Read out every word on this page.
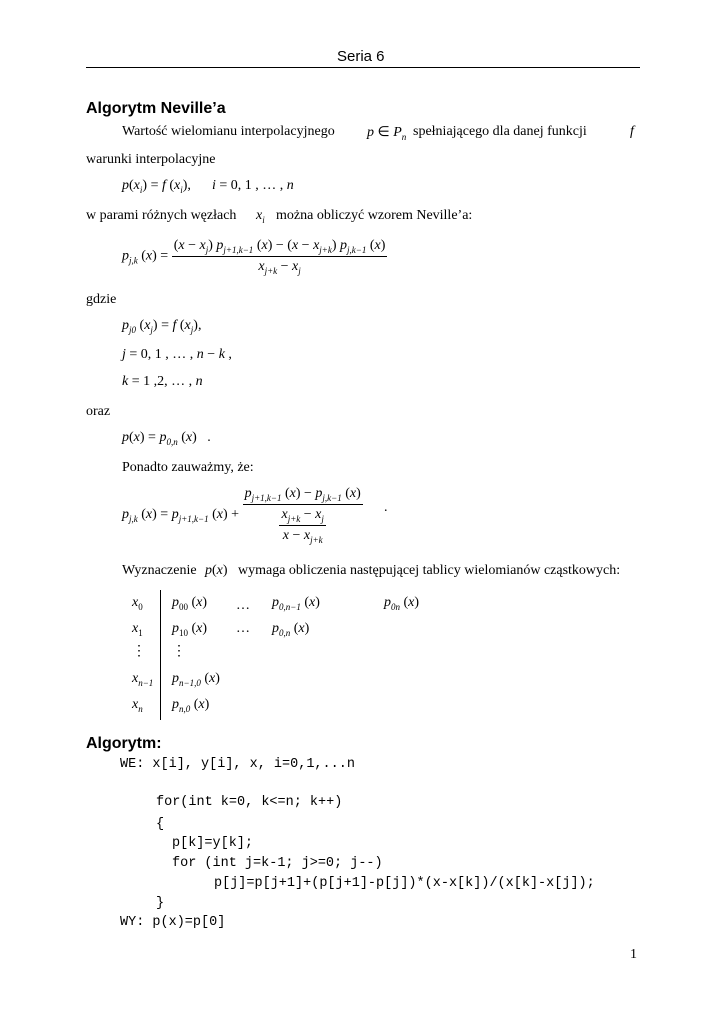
Seria 6
Algorytm Neville’a
Wartość wielomianu interpolacyjnego p ∈ $P_n$ spełniającego dla danej funkcji	f
warunki interpolacyjne
$p(x_i) = f$ $(x_i)$,      i = 0, 1 , … , n
w parami różnych węzłach $x_i$ można obliczyć wzorem Neville’a:
$p_{j,k}$ $(x) = \frac{(x - x_j) p_{j+1,k-1} (x) - (x - x_{j+k}) p_{j,k-1} (x)}{x_{j+k} - x_j}$
gdzie
$p_{j0}$ $(x_j) = f$ $(x_j)$,
j = 0, 1 , … , n − k ,
k = 1 ,2, … , n
oraz
$p(x) = p_{0,n}$ (x)   .
Ponadto zauważmy, że:
$p_{j,k}$ $(x) = p_{j+1,k-1}$ $(x) + \frac{p_{j+1,k-1} (x) - p_{j,k-1} (x)}{\frac{x_{j+k} - x_j}{x - x_{j+k}}}$ .
Wyznaczenie p(x) wymaga obliczenia następującej tablicy wielomianów cząstkowych:
$x_0$
$x_1$
⋮
$x_{n-1}$
$x_n$
$p_{00}$ (x)
$p_{10}$ (x)
⋮
$p_{n-1,0}$ (x)
$p_{n,0}$ (x)
…
…
$p_{0,n-1}$ (x)
$p_{0,n}$ (x)
$p_{0n}$ (x)
Algorytm:
WE: x[i], y[i], x, i=0,1,...n
for(int k=0, k<=n; k++)
{
p[k]=y[k];
for (int j=k-1; j>=0; j--)
p[j]=p[j+1]+(p[j+1]-p[j])*(x-x[k])/(x[k]-x[j]);
}
WY: p(x)=p[0]
1
